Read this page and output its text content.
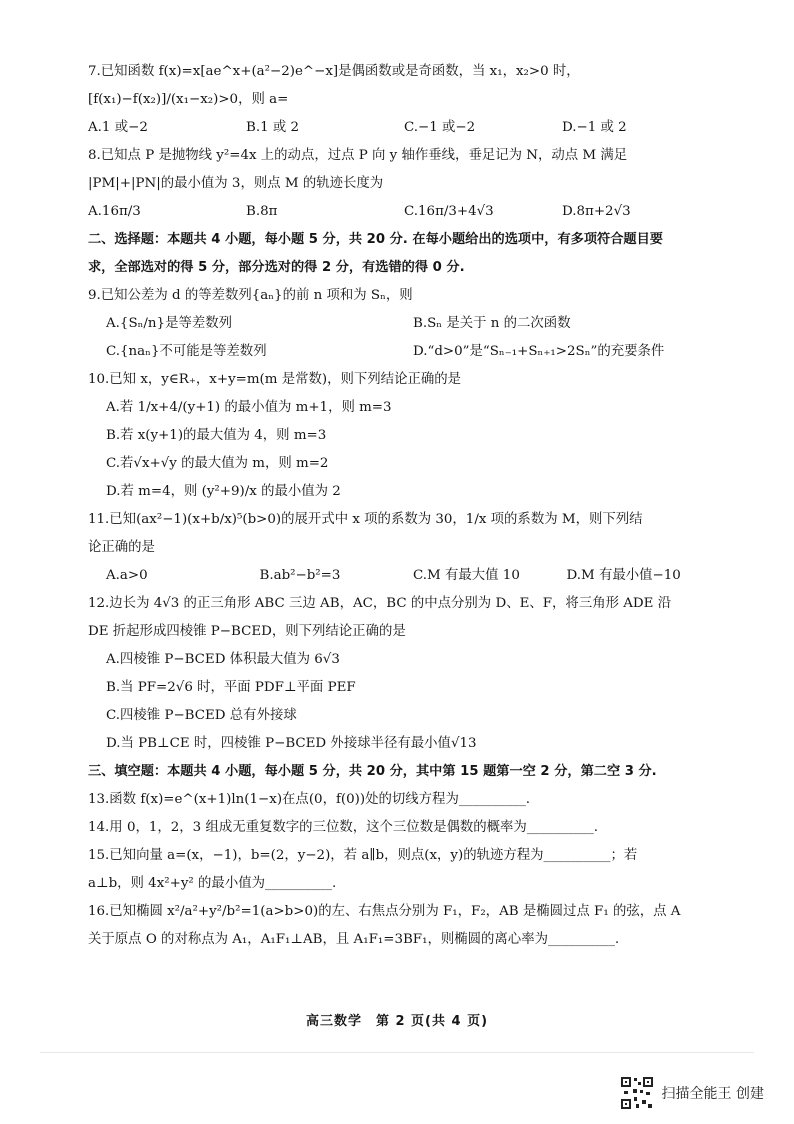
7.已知函数 f(x)=x[ae^x+(a²−2)e^−x]是偶函数或是奇函数，当 x₁，x₂>0 时，
[f(x₁)−f(x₂)]/(x₁−x₂)>0，则 a=
A.1 或−2	B.1 或 2	C.−1 或−2	D.−1 或 2
8.已知点 P 是抛物线 y²=4x 上的动点，过点 P 向 y 轴作垂线，垂足记为 N，动点 M 满足
|PM|+|PN|的最小值为 3，则点 M 的轨迹长度为
A.16π/3	B.8π	C.16π/3+4√3	D.8π+2√3
二、选择题：本题共 4 小题，每小题 5 分，共 20 分. 在每小题给出的选项中，有多项符合题目要
求，全部选对的得 5 分，部分选对的得 2 分，有选错的得 0 分.
9.已知公差为 d 的等差数列{aₙ}的前 n 项和为 Sₙ，则
A.{Sₙ/n}是等差数列	B.Sₙ 是关于 n 的二次函数
C.{naₙ}不可能是等差数列	D.“d>0”是“Sₙ₋₁+Sₙ₊₁>2Sₙ”的充要条件
10.已知 x，y∈R₊，x+y=m(m 是常数)，则下列结论正确的是
A.若 1/x+4/(y+1) 的最小值为 m+1，则 m=3
B.若 x(y+1)的最大值为 4，则 m=3
C.若√x+√y 的最大值为 m，则 m=2
D.若 m=4，则 (y²+9)/x 的最小值为 2
11.已知(ax²−1)(x+b/x)⁵(b>0)的展开式中 x 项的系数为 30，1/x 项的系数为 M，则下列结
论正确的是
A.a>0	B.ab²−b²=3	C.M 有最大值 10	D.M 有最小值−10
12.边长为 4√3 的正三角形 ABC 三边 AB，AC，BC 的中点分别为 D、E、F，将三角形 ADE 沿
DE 折起形成四棱锥 P−BCED，则下列结论正确的是
A.四棱锥 P−BCED 体积最大值为 6√3
B.当 PF=2√6 时，平面 PDF⊥平面 PEF
C.四棱锥 P−BCED 总有外接球
D.当 PB⊥CE 时，四棱锥 P−BCED 外接球半径有最小值√13
三、填空题：本题共 4 小题，每小题 5 分，共 20 分，其中第 15 题第一空 2 分，第二空 3 分.
13.函数 f(x)=e^(x+1)ln(1−x)在点(0，f(0))处的切线方程为__________.
14.用 0，1，2，3 组成无重复数字的三位数，这个三位数是偶数的概率为__________.
15.已知向量 a=(x，−1)，b=(2，y−2)，若 a∥b，则点(x，y)的轨迹方程为__________；若
a⊥b，则 4x²+y² 的最小值为__________.
16.已知椭圆 x²/a²+y²/b²=1(a>b>0)的左、右焦点分别为 F₁，F₂，AB 是椭圆过点 F₁ 的弦，点 A
关于原点 O 的对称点为 A₁，A₁F₁⊥AB，且 A₁F₁=3BF₁，则椭圆的离心率为__________.
高三数学　第 2 页(共 4 页)
扫描全能王 创建
